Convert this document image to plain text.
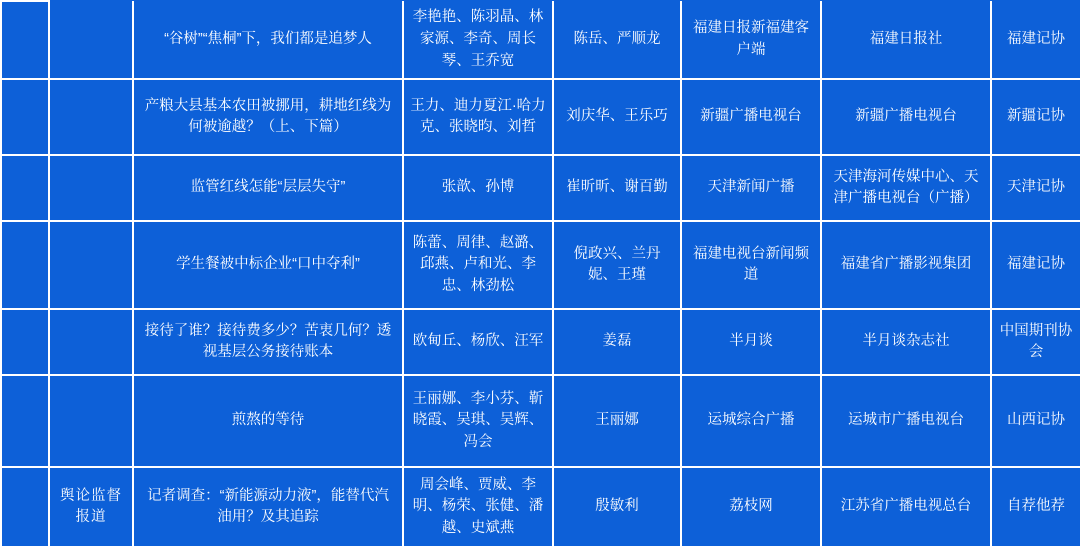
		“谷树”“焦桐”下，我们都是追梦人	李艳艳、陈羽晶、林家源、李奇、周长琴、王乔宽	陈岳、严顺龙	福建日报新福建客户端	福建日报社	福建记协
		产粮大县基本农田被挪用，耕地红线为何被逾越？（上、下篇）	王力、迪力夏江·哈力克、张晓昀、刘哲	刘庆华、王乐巧	新疆广播电视台	新疆广播电视台	新疆记协
		监管红线怎能“层层失守”	张歆、孙博	崔昕昕、谢百勤	天津新闻广播	天津海河传媒中心、天津广播电视台（广播）	天津记协
		学生餐被中标企业“口中夺利”	陈蕾、周律、赵潞、邱燕、卢和光、李忠、林劲松	倪政兴、兰丹妮、王瑾	福建电视台新闻频道	福建省广播影视集团	福建记协
		接待了谁？接待费多少？苦衷几何？透视基层公务接待账本	欧甸丘、杨欣、汪军	姜磊	半月谈	半月谈杂志社	中国期刊协会
		煎熬的等待	王丽娜、李小芬、靳晓霞、吴琪、吴辉、冯会	王丽娜	运城综合广播	运城市广播电视台	山西记协
	舆论监督报道	记者调查：“新能源动力液”，能替代汽油用？及其追踪	周会峰、贾威、李明、杨荣、张健、潘越、史斌燕	殷敏利	荔枝网	江苏省广播电视总台	自荐他荐
